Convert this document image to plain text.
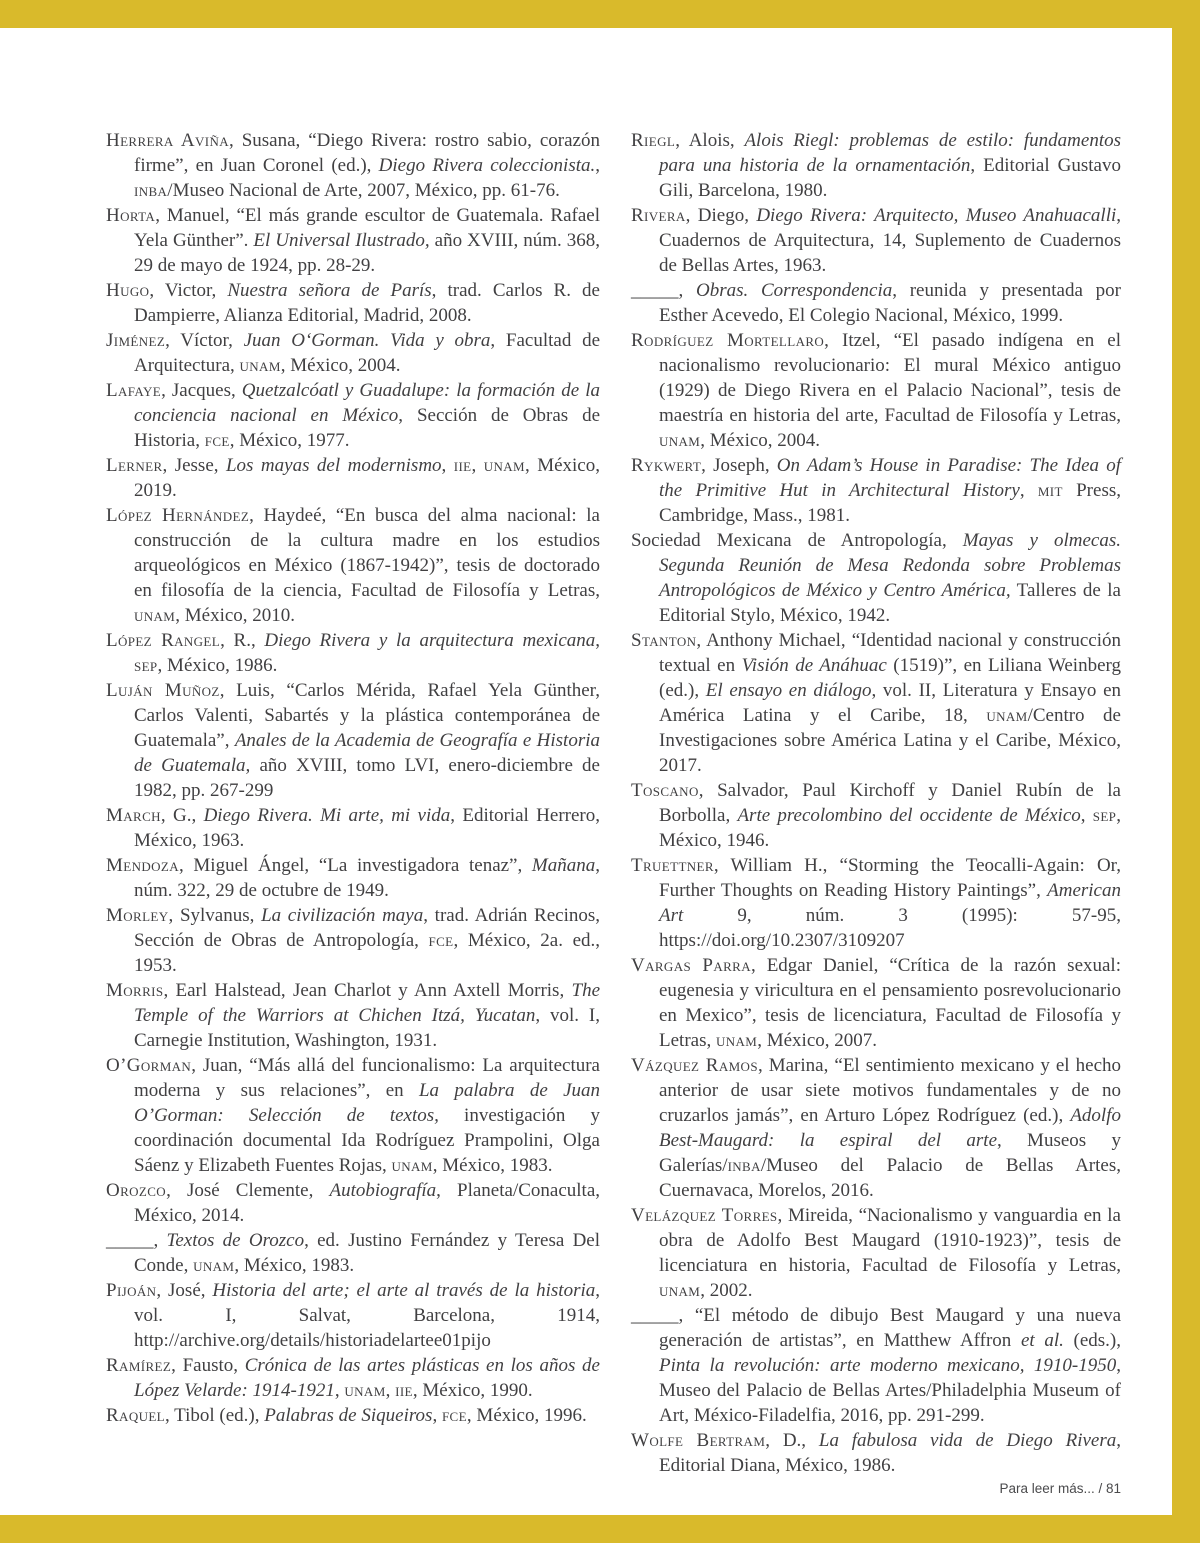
Herrera Aviña, Susana, “Diego Rivera: rostro sabio, corazón firme”, en Juan Coronel (ed.), Diego Rivera coleccionista., inba/Museo Nacional de Arte, 2007, México, pp. 61-76.

Horta, Manuel, “El más grande escultor de Guatemala. Rafael Yela Günther”. El Universal Ilustrado, año XVIII, núm. 368, 29 de mayo de 1924, pp. 28-29.

Hugo, Victor, Nuestra señora de París, trad. Carlos R. de Dampierre, Alianza Editorial, Madrid, 2008.

Jiménez, Víctor, Juan O‘Gorman. Vida y obra, Facultad de Arquitectura, unam, México, 2004.

Lafaye, Jacques, Quetzalcóatl y Guadalupe: la formación de la conciencia nacional en México, Sección de Obras de Historia, fce, México, 1977.

Lerner, Jesse, Los mayas del modernismo, iie, unam, México, 2019.

López Hernández, Haydeé, “En busca del alma nacional: la construcción de la cultura madre en los estudios arqueológicos en México (1867-1942)”, tesis de doctorado en filosofía de la ciencia, Facultad de Filosofía y Letras, unam, México, 2010.

López Rangel, R., Diego Rivera y la arquitectura mexicana, sep, México, 1986.

Luján Muñoz, Luis, “Carlos Mérida, Rafael Yela Günther, Carlos Valenti, Sabartés y la plástica contemporánea de Guatemala”, Anales de la Academia de Geografía e Historia de Guatemala, año XVIII, tomo LVI, enero-diciembre de 1982, pp. 267-299

March, G., Diego Rivera. Mi arte, mi vida, Editorial Herrero, México, 1963.

Mendoza, Miguel Ángel, “La investigadora tenaz”, Mañana, núm. 322, 29 de octubre de 1949.

Morley, Sylvanus, La civilización maya, trad. Adrián Recinos, Sección de Obras de Antropología, fce, México, 2a. ed., 1953.

Morris, Earl Halstead, Jean Charlot y Ann Axtell Morris, The Temple of the Warriors at Chichen Itzá, Yucatan, vol. I, Carnegie Institution, Washington, 1931.

O’Gorman, Juan, “Más allá del funcionalismo: La arquitectura moderna y sus relaciones”, en La palabra de Juan O’Gorman: Selección de textos, investigación y coordinación documental Ida Rodríguez Prampolini, Olga Sáenz y Elizabeth Fuentes Rojas, unam, México, 1983.

Orozco, José Clemente, Autobiografía, Planeta/Conaculta, México, 2014.

_____, Textos de Orozco, ed. Justino Fernández y Teresa Del Conde, unam, México, 1983.

Pijoán, José, Historia del arte; el arte al través de la historia, vol. I, Salvat, Barcelona, 1914, http://archive.org/details/historiadelartee01pijo

Ramírez, Fausto, Crónica de las artes plásticas en los años de López Velarde: 1914-1921, unam, iie, México, 1990.

Raquel, Tibol (ed.), Palabras de Siqueiros, fce, México, 1996.

Riegl, Alois, Alois Riegl: problemas de estilo: fundamentos para una historia de la ornamentación, Editorial Gustavo Gili, Barcelona, 1980.

Rivera, Diego, Diego Rivera: Arquitecto, Museo Anahuacalli, Cuadernos de Arquitectura, 14, Suplemento de Cuadernos de Bellas Artes, 1963.

_____, Obras. Correspondencia, reunida y presentada por Esther Acevedo, El Colegio Nacional, México, 1999.

Rodríguez Mortellaro, Itzel, “El pasado indígena en el nacionalismo revolucionario: El mural México antiguo (1929) de Diego Rivera en el Palacio Nacional”, tesis de maestría en historia del arte, Facultad de Filosofía y Letras, unam, México, 2004.

Rykwert, Joseph, On Adam’s House in Paradise: The Idea of the Primitive Hut in Architectural History, mit Press, Cambridge, Mass., 1981.

Sociedad Mexicana de Antropología, Mayas y olmecas. Segunda Reunión de Mesa Redonda sobre Problemas Antropológicos de México y Centro América, Talleres de la Editorial Stylo, México, 1942.

Stanton, Anthony Michael, “Identidad nacional y construcción textual en Visión de Anáhuac (1519)”, en Liliana Weinberg (ed.), El ensayo en diálogo, vol. II, Literatura y Ensayo en América Latina y el Caribe, 18, unam/Centro de Investigaciones sobre América Latina y el Caribe, México, 2017.

Toscano, Salvador, Paul Kirchoff y Daniel Rubín de la Borbolla, Arte precolombino del occidente de México, sep, México, 1946.

Truettner, William H., “Storming the Teocalli-Again: Or, Further Thoughts on Reading History Paintings”, American Art 9, núm. 3 (1995): 57-95, https://doi.org/10.2307/3109207

Vargas Parra, Edgar Daniel, “Crítica de la razón sexual: eugenesia y viricultura en el pensamiento posrevolucionario en Mexico”, tesis de licenciatura, Facultad de Filosofía y Letras, unam, México, 2007.

Vázquez Ramos, Marina, “El sentimiento mexicano y el hecho anterior de usar siete motivos fundamentales y de no cruzarlos jamás”, en Arturo López Rodríguez (ed.), Adolfo Best-Maugard: la espiral del arte, Museos y Galerías/inba/Museo del Palacio de Bellas Artes, Cuernavaca, Morelos, 2016.

Velázquez Torres, Mireida, “Nacionalismo y vanguardia en la obra de Adolfo Best Maugard (1910-1923)”, tesis de licenciatura en historia, Facultad de Filosofía y Letras, unam, 2002.

_____, “El método de dibujo Best Maugard y una nueva generación de artistas”, en Matthew Affron et al. (eds.), Pinta la revolución: arte moderno mexicano, 1910-1950, Museo del Palacio de Bellas Artes/Philadelphia Museum of Art, México-Filadelfia, 2016, pp. 291-299.

Wolfe Bertram, D., La fabulosa vida de Diego Rivera, Editorial Diana, México, 1986.

Para leer más... / 81
